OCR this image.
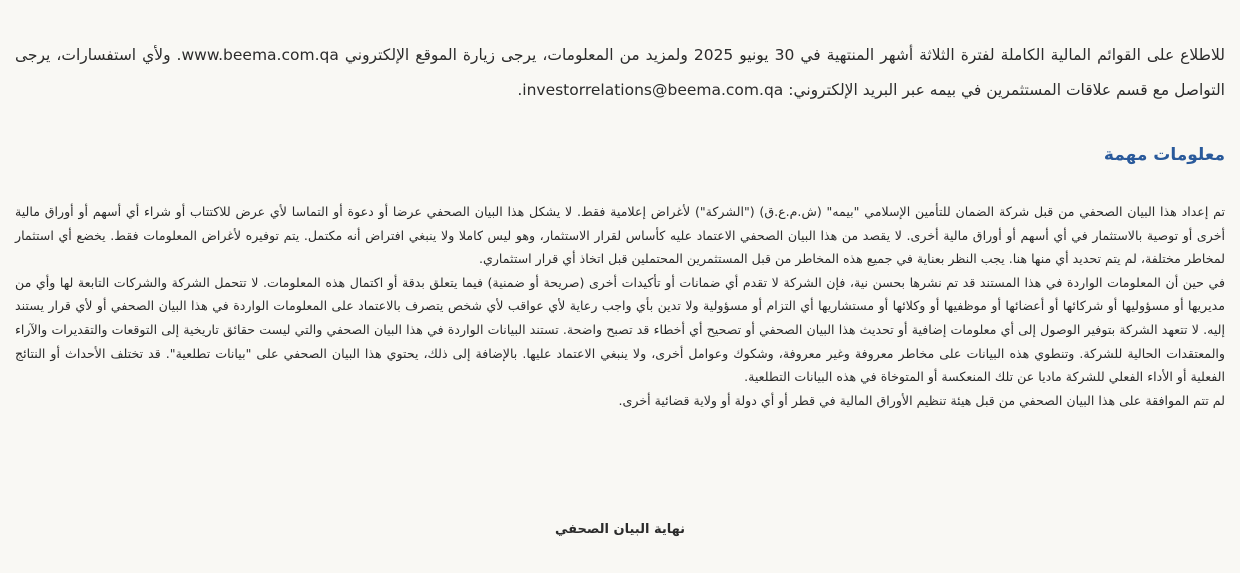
للاطلاع على القوائم المالية الكاملة لفترة الثلاثة أشهر المنتهية في 30 يونيو 2025 ولمزيد من المعلومات، يرجى زيارة الموقع الإلكتروني www.beema.com.qa. ولأي استفسارات، يرجى التواصل مع قسم علاقات المستثمرين في بيمه عبر البريد الإلكتروني: investorrelations@beema.com.qa.

معلومات مهمة

تم إعداد هذا البيان الصحفي من قبل شركة الضمان للتأمين الإسلامي "بيمه" (ش.م.ع.ق) ("الشركة") لأغراض إعلامية فقط. لا يشكل هذا البيان الصحفي عرضا أو دعوة أو التماسا لأي عرض للاكتتاب أو شراء أي أسهم أو أوراق مالية أخرى أو توصية بالاستثمار في أي أسهم أو أوراق مالية أخرى. لا يقصد من هذا البيان الصحفي الاعتماد عليه كأساس لقرار الاستثمار، وهو ليس كاملا ولا ينبغي افتراض أنه مكتمل. يتم توفيره لأغراض المعلومات فقط. يخضع أي استثمار لمخاطر مختلفة، لم يتم تحديد أي منها هنا. يجب النظر بعناية في جميع هذه المخاطر من قبل المستثمرين المحتملين قبل اتخاذ أي قرار استثماري.

في حين أن المعلومات الواردة في هذا المستند قد تم نشرها بحسن نية، فإن الشركة لا تقدم أي ضمانات أو تأكيدات أخرى (صريحة أو ضمنية) فيما يتعلق بدقة أو اكتمال هذه المعلومات. لا تتحمل الشركة والشركات التابعة لها وأي من مديريها أو مسؤوليها أو شركائها أو أعضائها أو موظفيها أو وكلائها أو مستشاريها أي التزام أو مسؤولية ولا تدين بأي واجب رعاية لأي عواقب لأي شخص يتصرف بالاعتماد على المعلومات الواردة في هذا البيان الصحفي أو لأي قرار يستند إليه. لا تتعهد الشركة بتوفير الوصول إلى أي معلومات إضافية أو تحديث هذا البيان الصحفي أو تصحيح أي أخطاء قد تصبح واضحة. تستند البيانات الواردة في هذا البيان الصحفي والتي ليست حقائق تاريخية إلى التوقعات والتقديرات والآراء والمعتقدات الحالية للشركة. وتنطوي هذه البيانات على مخاطر معروفة وغير معروفة، وشكوك وعوامل أخرى، ولا ينبغي الاعتماد عليها. بالإضافة إلى ذلك، يحتوي هذا البيان الصحفي على "بيانات تطلعية". قد تختلف الأحداث أو النتائج الفعلية أو الأداء الفعلي للشركة ماديا عن تلك المنعكسة أو المتوخاة في هذه البيانات التطلعية.

لم تتم الموافقة على هذا البيان الصحفي من قبل هيئة تنظيم الأوراق المالية في قطر أو أي دولة أو ولاية قضائية أخرى.

نهاية البيان الصحفي
